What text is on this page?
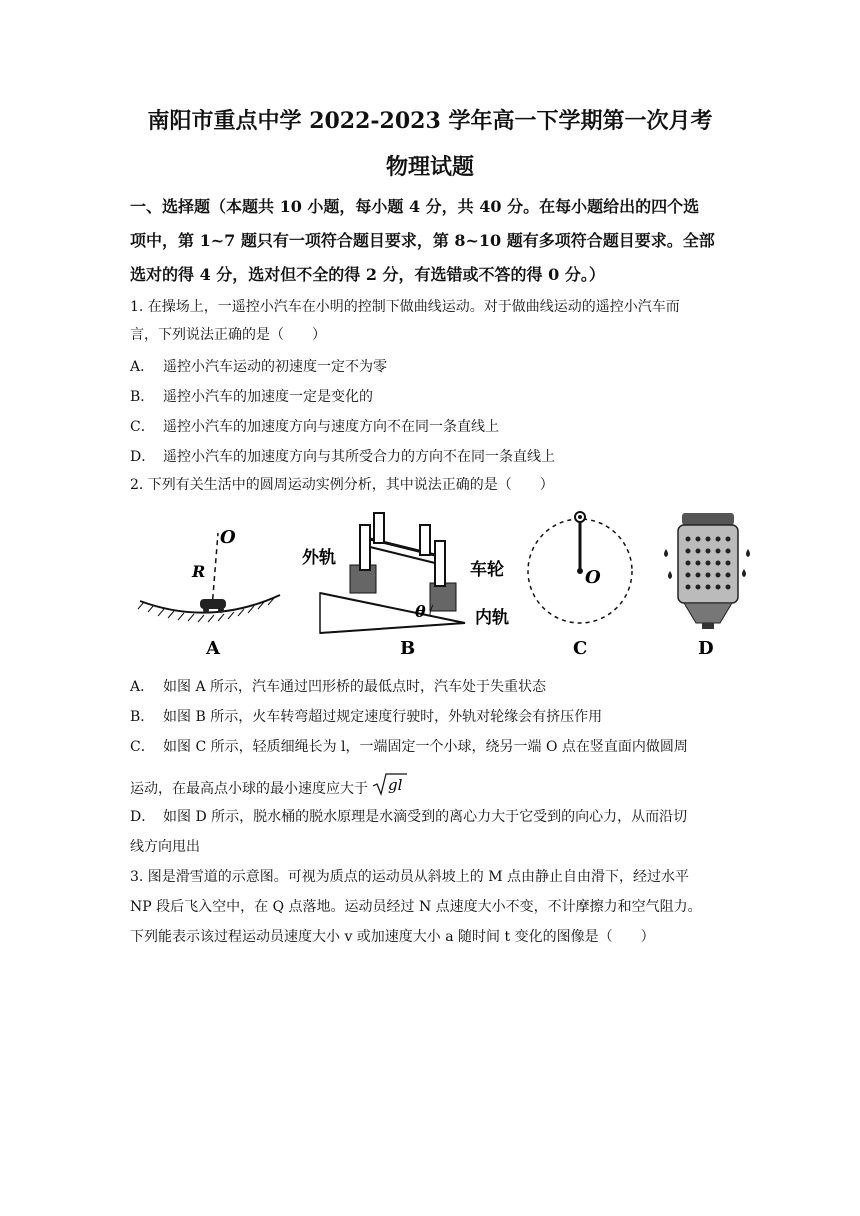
南阳市重点中学 2022-2023 学年高一下学期第一次月考
物理试题
一、选择题（本题共 10 小题，每小题 4 分，共 40 分。在每小题给出的四个选
项中，第 1~7 题只有一项符合题目要求，第 8~10 题有多项符合题目要求。全部
选对的得 4 分，选对但不全的得 2 分，有选错或不答的得 0 分。）
1. 在操场上，一遥控小汽车在小明的控制下做曲线运动。对于做曲线运动的遥控小汽车而
言，下列说法正确的是（　　）
A． 遥控小汽车运动的初速度一定不为零
B． 遥控小汽车的加速度一定是变化的
C． 遥控小汽车的加速度方向与速度方向不在同一条直线上
D． 遥控小汽车的加速度方向与其所受合力的方向不在同一条直线上
2. 下列有关生活中的圆周运动实例分析，其中说法正确的是（　　）
O
R
A
θ
外轨
车轮
内轨
B
O
C	D
A． 如图 A 所示，汽车通过凹形桥的最低点时，汽车处于失重状态
B． 如图 B 所示，火车转弯超过规定速度行驶时，外轨对轮缘会有挤压作用
C． 如图 C 所示，轻质细绳长为 l，一端固定一个小球，绕另一端 O 点在竖直面内做圆周
运动，在最高点小球的最小速度应大于 gl
D． 如图 D 所示，脱水桶的脱水原理是水滴受到的离心力大于它受到的向心力，从而沿切
线方向甩出
3. 图是滑雪道的示意图。可视为质点的运动员从斜坡上的 M 点由静止自由滑下，经过水平
NP 段后飞入空中，在 Q 点落地。运动员经过 N 点速度大小不变，不计摩擦力和空气阻力。
下列能表示该过程运动员速度大小 v 或加速度大小 a 随时间 t 变化的图像是（　　）
